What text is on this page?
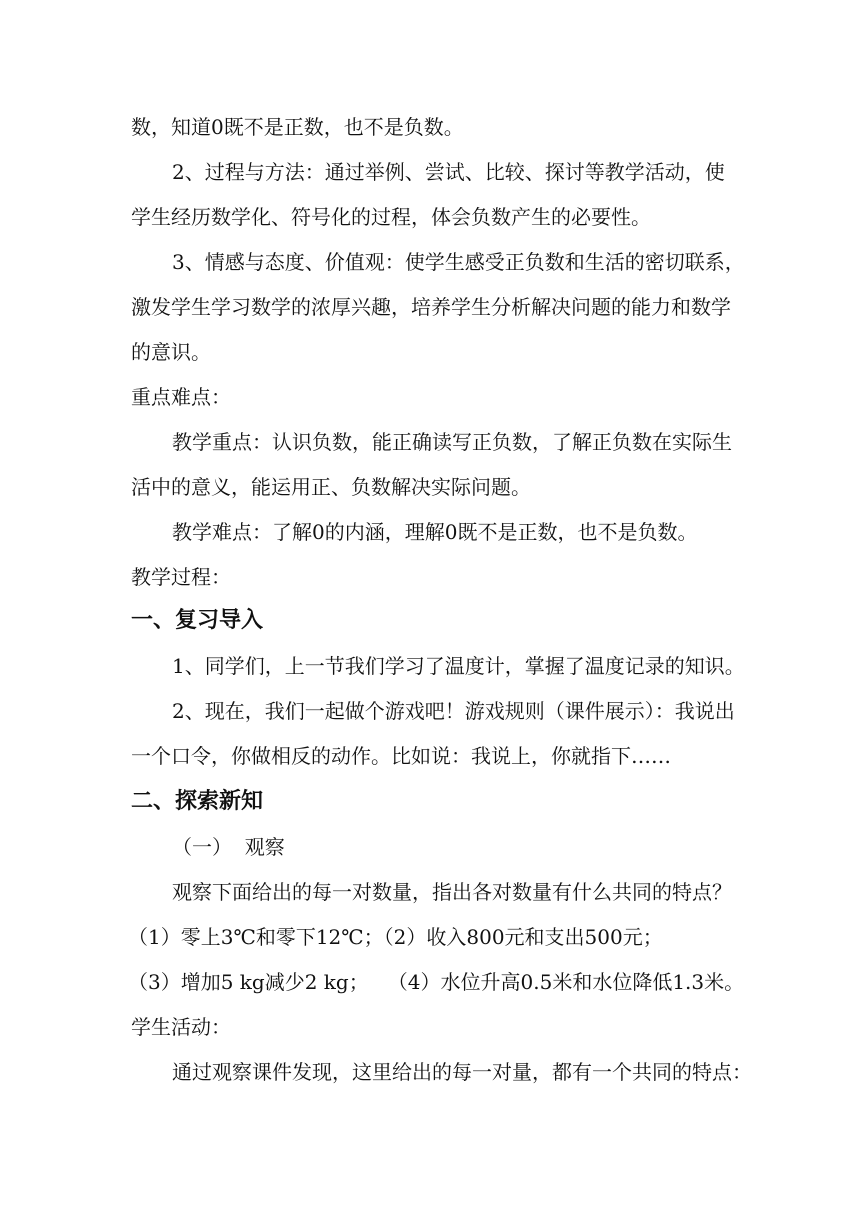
数，知道0既不是正数，也不是负数。
2、过程与方法：通过举例、尝试、比较、探讨等教学活动，使
学生经历数学化、符号化的过程，体会负数产生的必要性。
3、情感与态度、价值观：使学生感受正负数和生活的密切联系，
激发学生学习数学的浓厚兴趣，培养学生分析解决问题的能力和数学
的意识。
重点难点：
教学重点：认识负数，能正确读写正负数，了解正负数在实际生
活中的意义，能运用正、负数解决实际问题。
教学难点：了解0的内涵，理解0既不是正数，也不是负数。
教学过程：
一、复习导入
1、同学们，上一节我们学习了温度计，掌握了温度记录的知识。
2、现在，我们一起做个游戏吧！游戏规则（课件展示）：我说出
一个口令，你做相反的动作。比如说：我说上，你就指下……
二、探索新知
（一）  观察
观察下面给出的每一对数量，指出各对数量有什么共同的特点？
（1）零上3℃和零下12℃；（2）收入800元和支出500元；
（3）增加5 kg减少2 kg；   （4）水位升高0.5米和水位降低1.3米。
学生活动：
通过观察课件发现，这里给出的每一对量，都有一个共同的特点：
